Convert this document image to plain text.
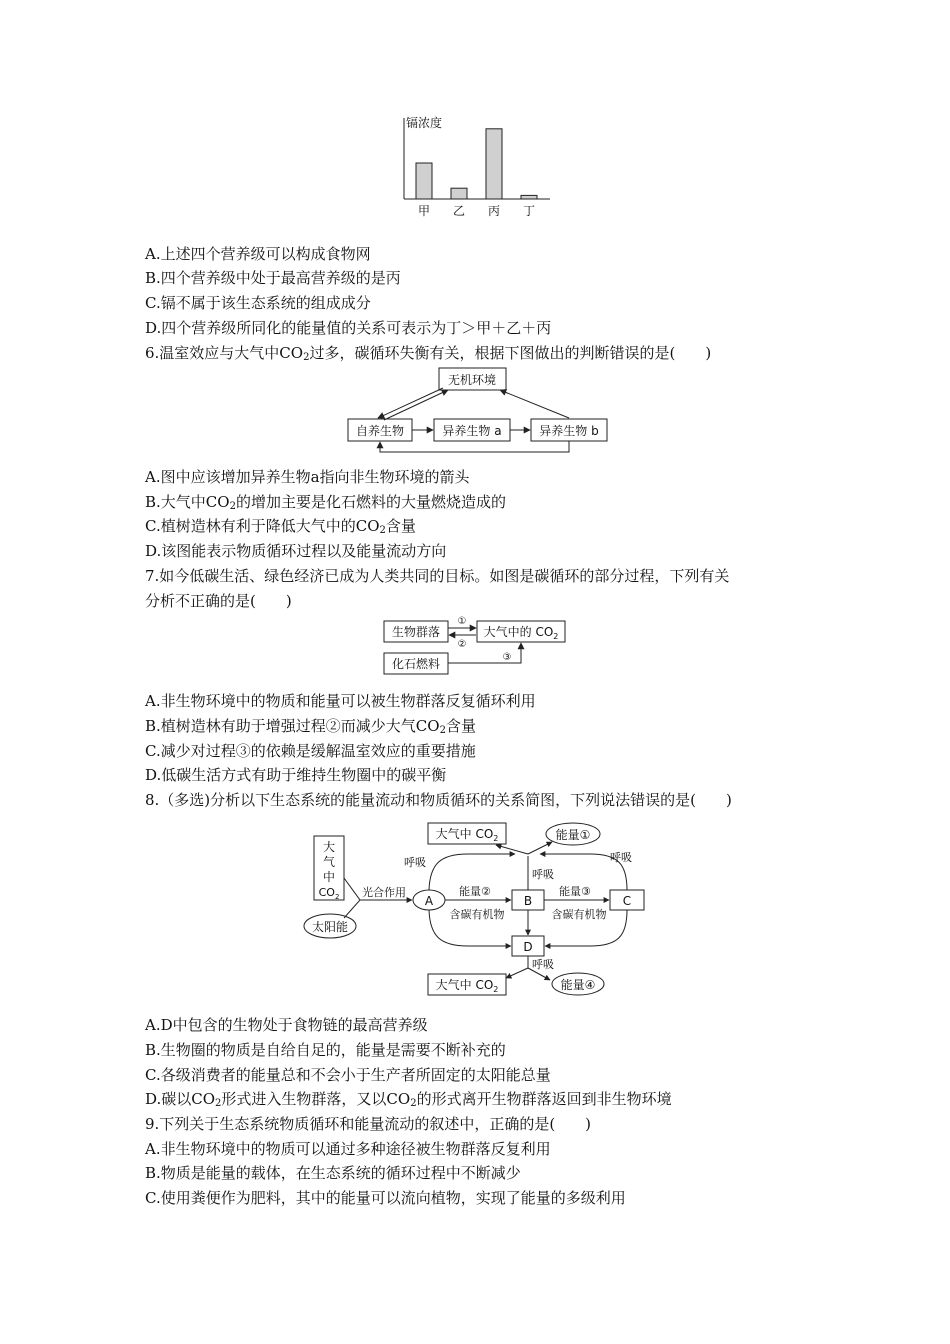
镉浓度
甲 乙 丙 丁
A.上述四个营养级可以构成食物网
B.四个营养级中处于最高营养级的是丙
C.镉不属于该生态系统的组成成分
D.四个营养级所同化的能量值的关系可表示为丁＞甲＋乙＋丙
6.温室效应与大气中$CO_2$过多，碳循环失衡有关，根据下图做出的判断错误的是(　　)
无机环境
自养生物	异养生物 a	异养生物 b
A.图中应该增加异养生物a指向非生物环境的箭头
B.大气中$CO_2$的增加主要是化石燃料的大量燃烧造成的
C.植树造林有利于降低大气中的$CO_2$含量
D.该图能表示物质循环过程以及能量流动方向
7.如今低碳生活、绿色经济已成为人类共同的目标。如图是碳循环的部分过程，下列有关
分析不正确的是(　　)
生物群落	大气中的 $CO_2$
化石燃料
①
②
③
A.非生物环境中的物质和能量可以被生物群落反复循环利用
B.植树造林有助于增强过程②而减少大气$CO_2$含量
C.减少对过程③的依赖是缓解温室效应的重要措施
D.低碳生活方式有助于维持生物圈中的碳平衡
8.（多选)分析以下生态系统的能量流动和物质循环的关系简图，下列说法错误的是(　　)
大气中 $CO_2$	能量①
大
气
中
$CO_2$
太阳能
光合作用
A	B	C
D
能量②
含碳有机物
能量③
含碳有机物
呼吸	呼吸
呼吸
呼吸
大气中 $CO_2$	能量④
A.D中包含的生物处于食物链的最高营养级
B.生物圈的物质是自给自足的，能量是需要不断补充的
C.各级消费者的能量总和不会小于生产者所固定的太阳能总量
D.碳以$CO_2$形式进入生物群落，又以$CO_2$的形式离开生物群落返回到非生物环境
9.下列关于生态系统物质循环和能量流动的叙述中，正确的是(　　)
A.非生物环境中的物质可以通过多种途径被生物群落反复利用
B.物质是能量的载体，在生态系统的循环过程中不断减少
C.使用粪便作为肥料，其中的能量可以流向植物，实现了能量的多级利用
